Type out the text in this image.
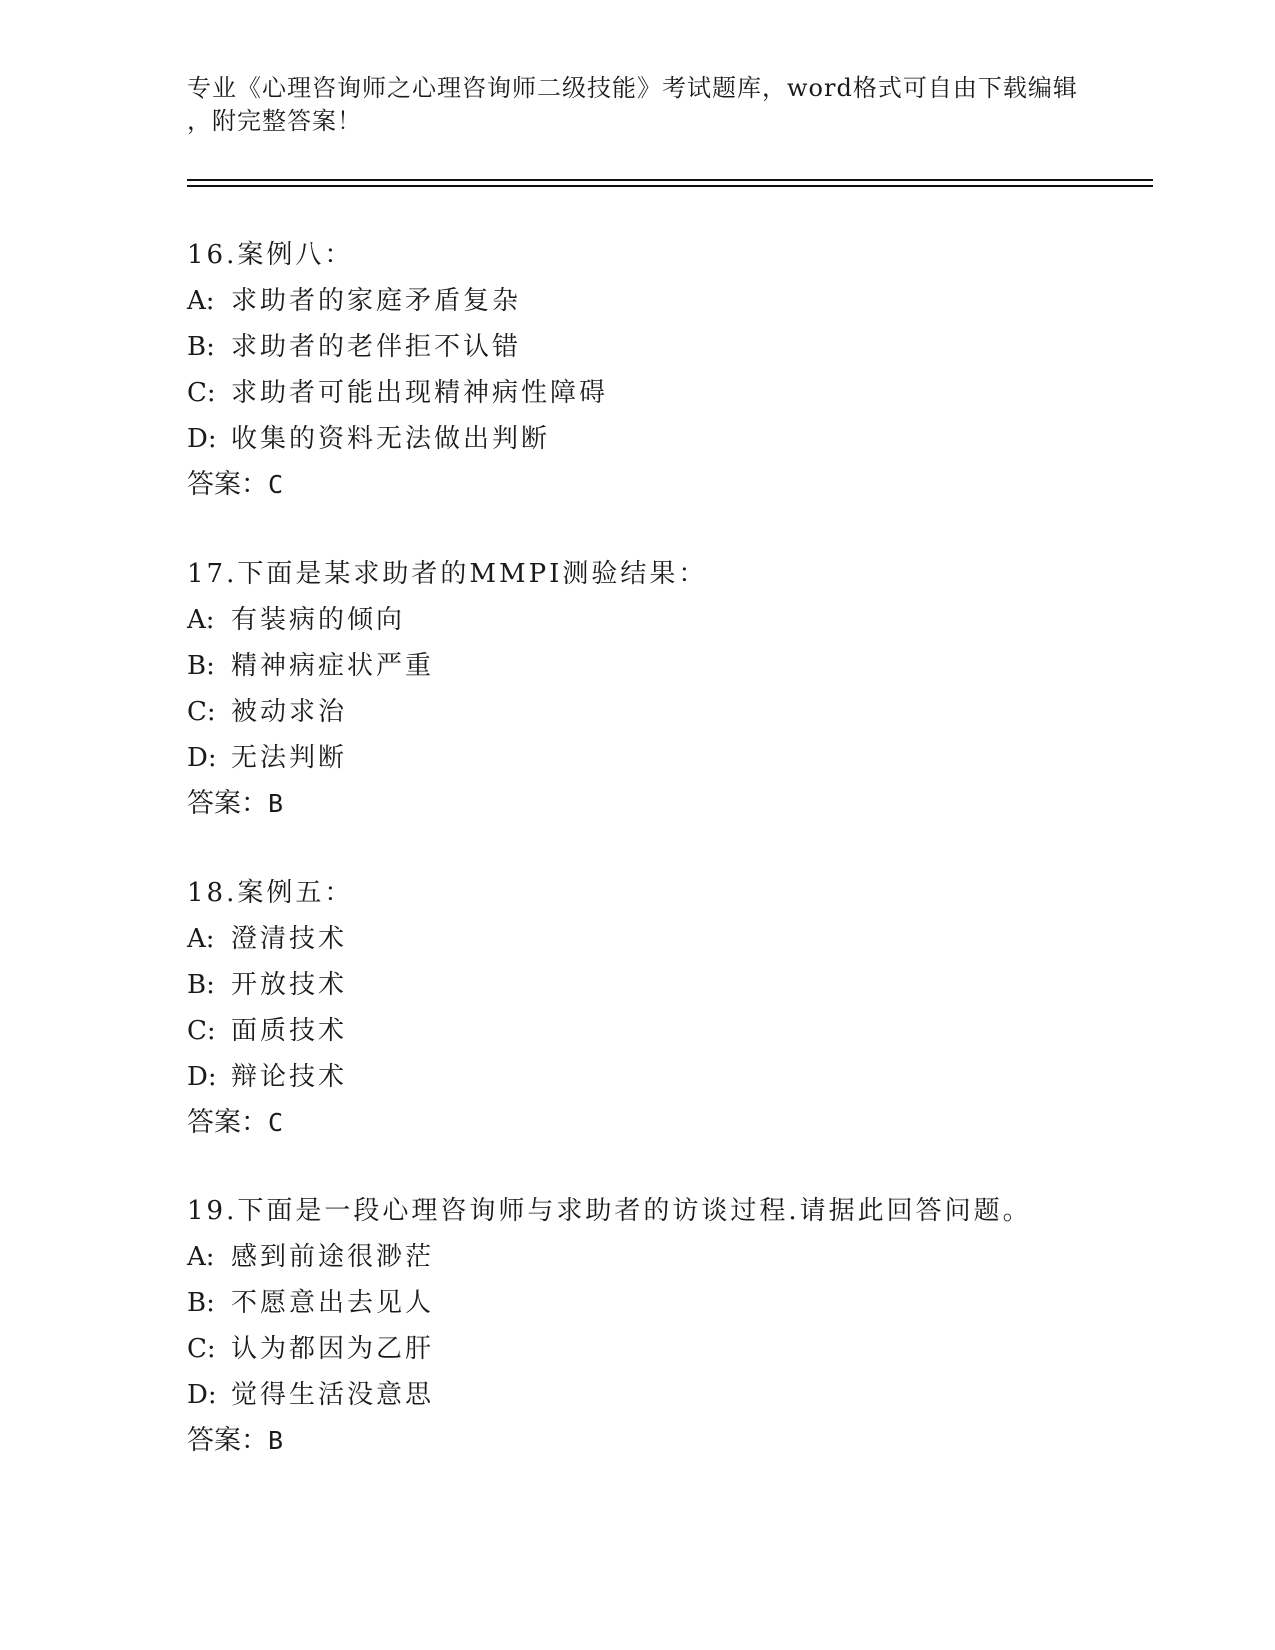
专业《心理咨询师之心理咨询师二级技能》考试题库，word格式可自由下载编辑
，附完整答案！
16.案例八：
A: 求助者的家庭矛盾复杂
B: 求助者的老伴拒不认错
C: 求助者可能出现精神病性障碍
D: 收集的资料无法做出判断
答案：C
17.下面是某求助者的MMPI测验结果：
A: 有装病的倾向
B: 精神病症状严重
C: 被动求治
D: 无法判断
答案：B
18.案例五：
A: 澄清技术
B: 开放技术
C: 面质技术
D: 辩论技术
答案：C
19.下面是一段心理咨询师与求助者的访谈过程.请据此回答问题。
A: 感到前途很渺茫
B: 不愿意出去见人
C: 认为都因为乙肝
D: 觉得生活没意思
答案：B
